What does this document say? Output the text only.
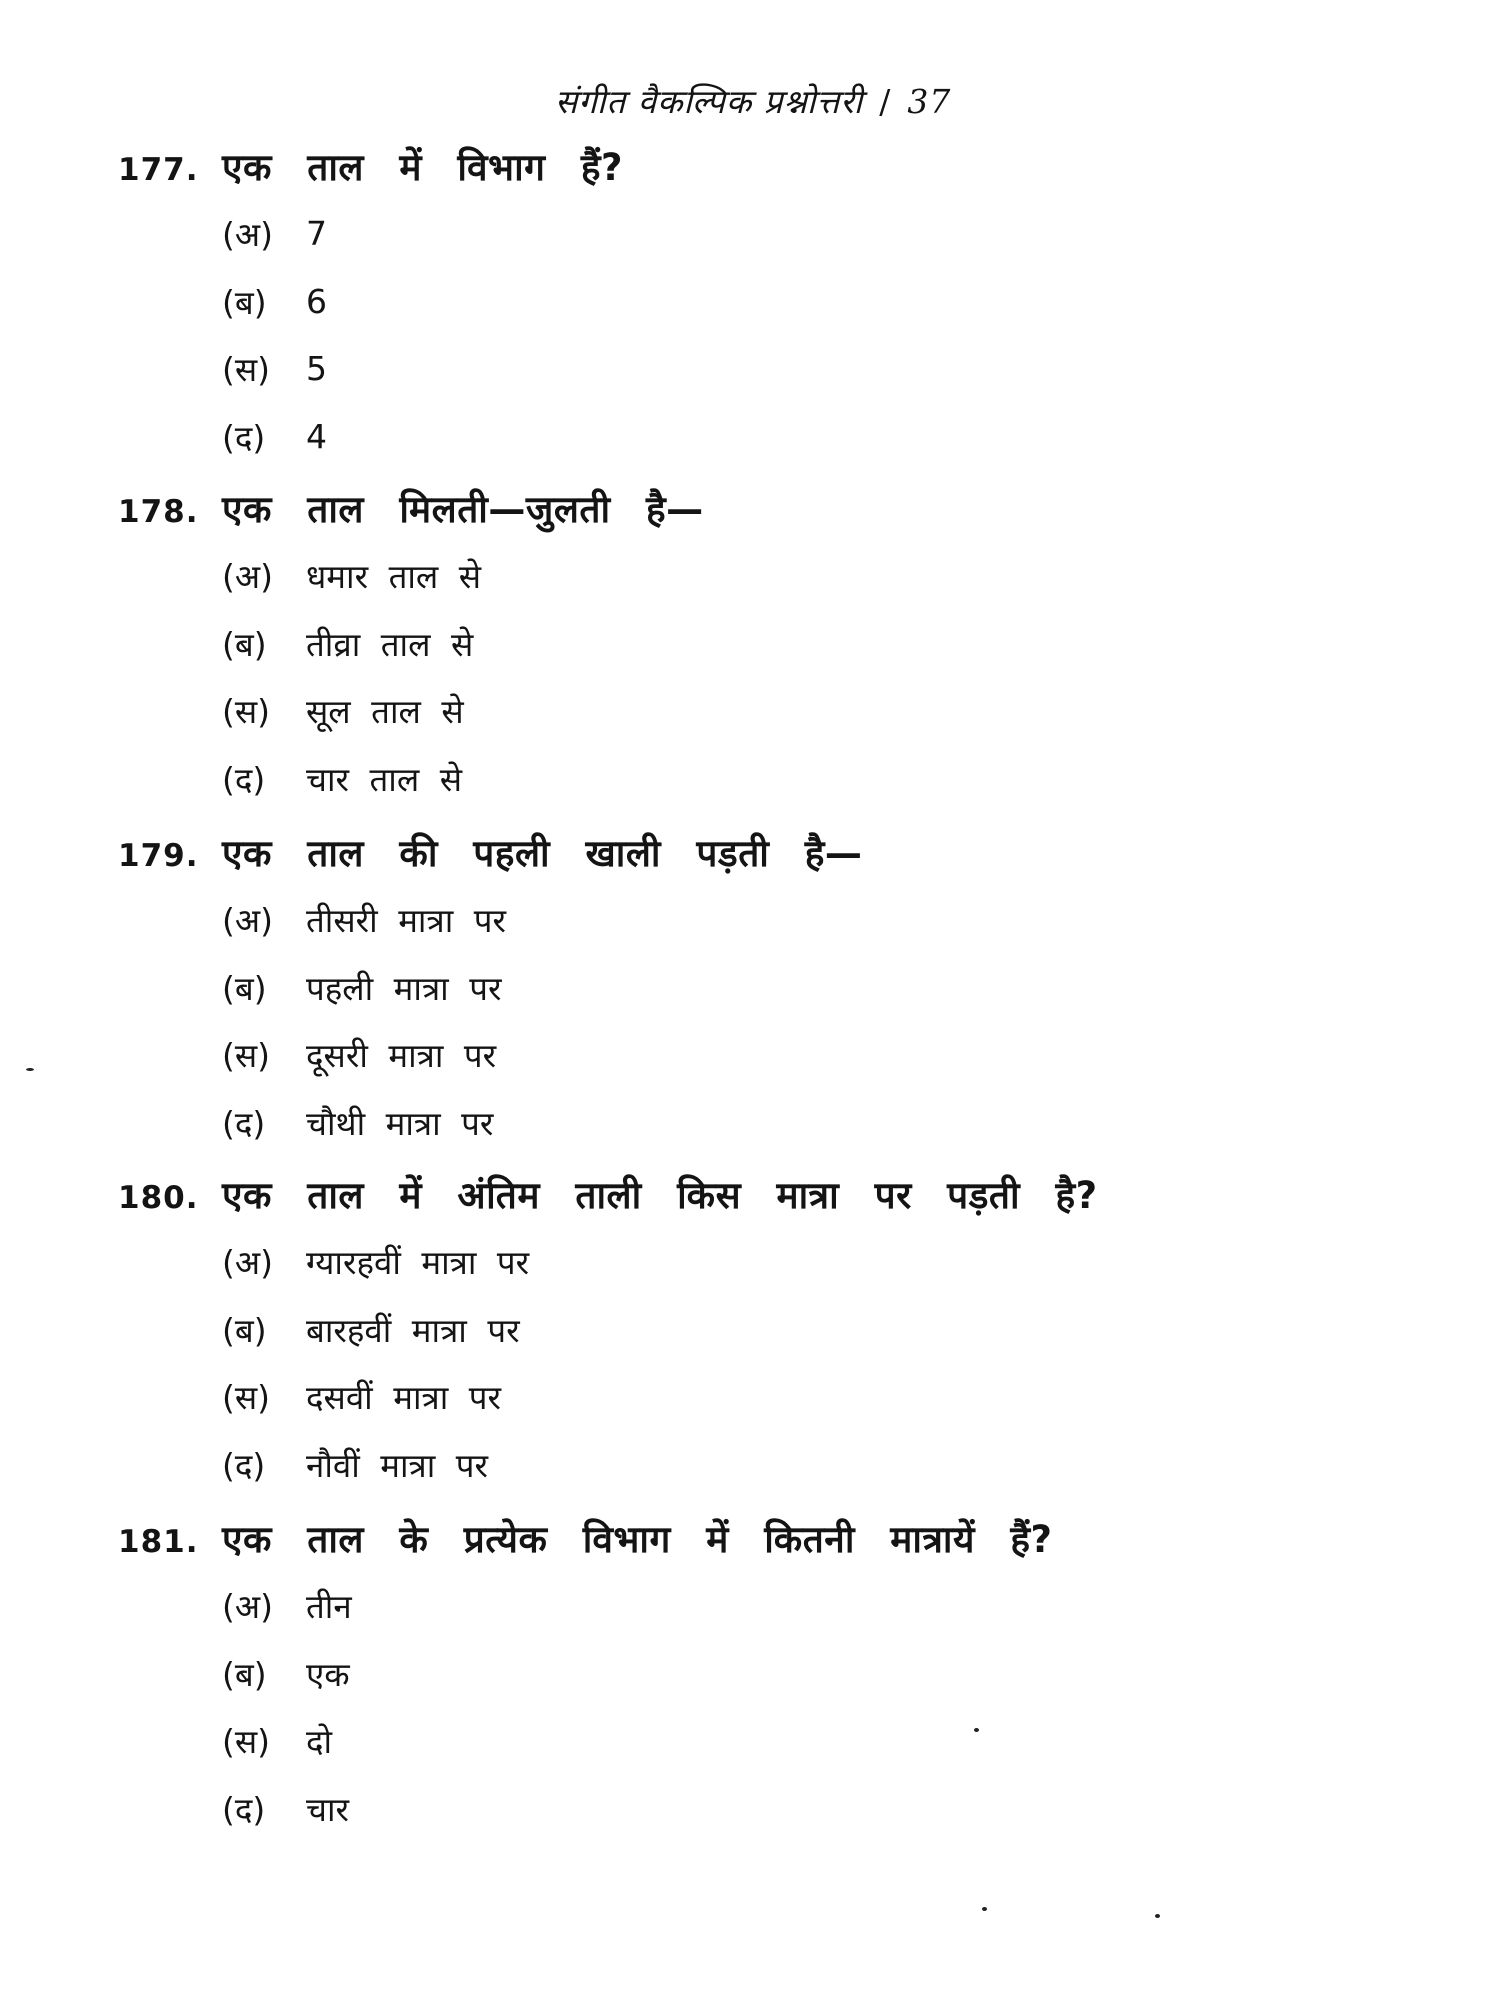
संगीत वैकल्पिक प्रश्नोत्तरी / 37
177. एक ताल में विभाग हैं?
(अ)	7
(ब)	6
(स)	5
(द)	4
178. एक ताल मिलती—जुलती है—
(अ)	धमार ताल से
(ब)	तीव्रा ताल से
(स)	सूल ताल से
(द)	चार ताल से
179. एक ताल की पहली खाली पड़ती है—
(अ)	तीसरी मात्रा पर
(ब)	पहली मात्रा पर
(स)	दूसरी मात्रा पर
(द)	चौथी मात्रा पर
180. एक ताल में अंतिम ताली किस मात्रा पर पड़ती है?
(अ)	ग्यारहवीं मात्रा पर
(ब)	बारहवीं मात्रा पर
(स)	दसवीं मात्रा पर
(द)	नौवीं मात्रा पर
181. एक ताल के प्रत्येक विभाग में कितनी मात्रायें हैं?
(अ)	तीन
(ब)	एक
(स)	दो
(द)	चार
